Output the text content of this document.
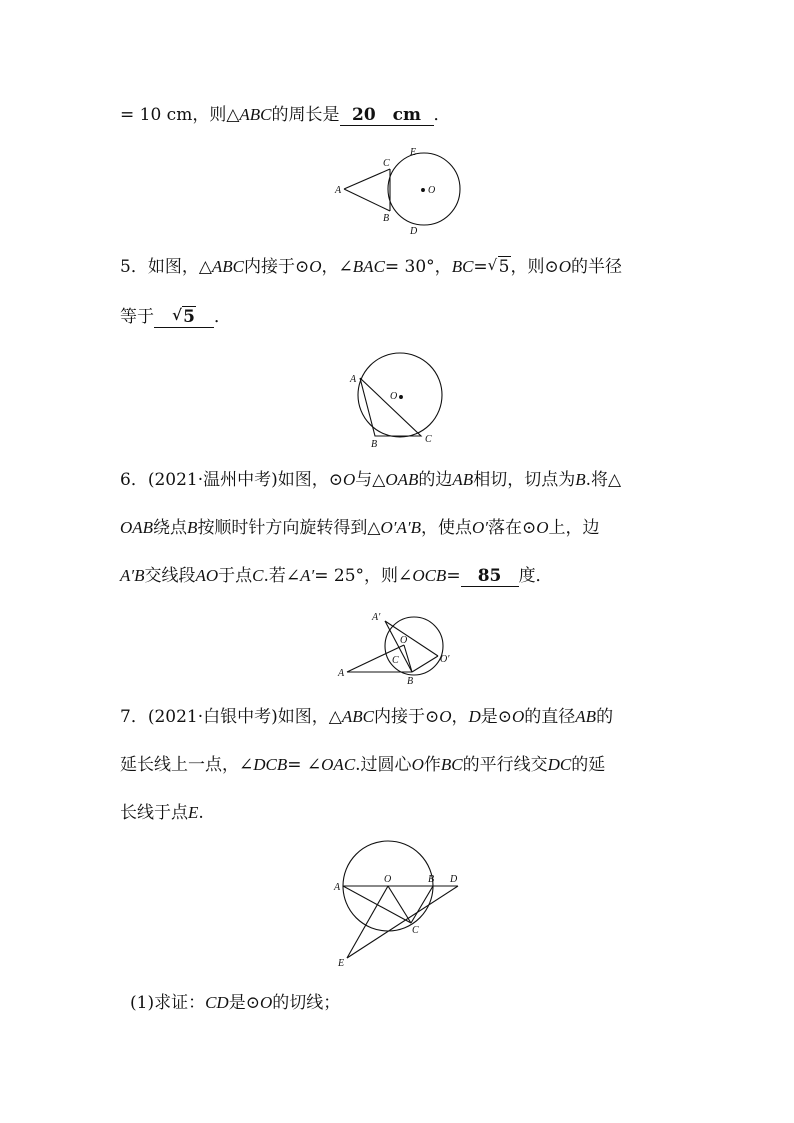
= 10 cm，则△ABC的周长是 20　cm ．
A
C
B
E
D
O
5．如图，△ABC内接于⊙O，∠BAC= 30°，BC= √ 5，则⊙O的半径
等于 √ 5 ．
A
O
B	C
6．(2021·温州中考)如图，⊙O与△OAB的边AB相切，切点为B.将△
OAB绕点B按顺时针方向旋转得到△O′A′B，使点O′落在⊙O上，边
A′B交线段AO于点C.若∠A′= 25°，则∠OCB= 85 度．
A′
O
C
A
B
O′
7．(2021·白银中考)如图，△ABC内接于⊙O，D是⊙O的直径AB的
延长线上一点，∠DCB= ∠OAC.过圆心O作BC的平行线交DC的延
长线于点E.
A
O	B D
C
E
(1)求证：CD是⊙O的切线；
